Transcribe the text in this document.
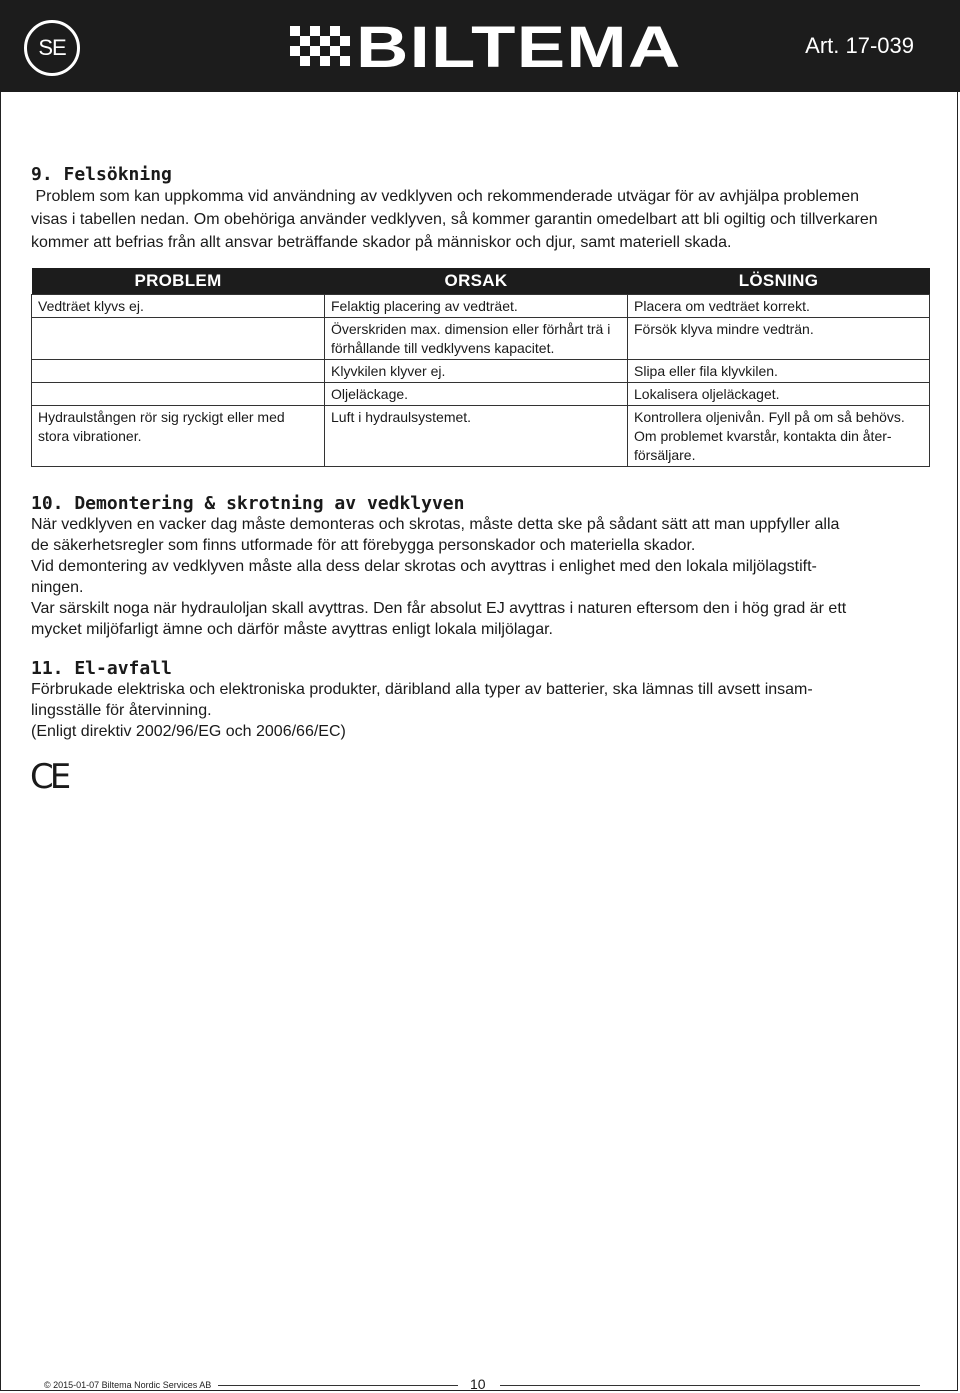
SE	BILTEMA	Art. 17-039
9. Felsökning

Problem som kan uppkomma vid användning av vedklyven och rekommenderade utvägar för av avhjälpa problemen

visas i tabellen nedan. Om obehöriga använder vedklyven, så kommer garantin omedelbart att bli ogiltig och tillverkaren

kommer att befrias från allt ansvar beträffande skador på människor och djur, samt materiell skada.

PROBLEM	ORSAK	LÖSNING
Vedträet klyvs ej.	Felaktig placering av vedträet.	Placera om vedträet korrekt.
	Överskriden max. dimension eller förhårt trä i förhållande till vedklyvens kapacitet.	Försök klyva mindre vedträn.
	Klyvkilen klyver ej.	Slipa eller fila klyvkilen.
	Oljeläckage.	Lokalisera oljeläckaget.
Hydraulstången rör sig ryckigt eller med stora vibrationer.	Luft i hydraulsystemet.	Kontrollera oljenivån. Fyll på om så behövs. Om problemet kvarstår, kontakta din åter-försäljare.
10. Demontering & skrotning av vedklyven

När vedklyven en vacker dag måste demonteras och skrotas, måste detta ske på sådant sätt att man uppfyller alla

de säkerhetsregler som finns utformade för att förebygga personskador och materiella skador.

Vid demontering av vedklyven måste alla dess delar skrotas och avyttras i enlighet med den lokala miljölagstift-

ningen.

Var särskilt noga när hydrauloljan skall avyttras. Den får absolut EJ avyttras i naturen eftersom den i hög grad är ett

mycket miljöfarligt ämne och därför måste avyttras enligt lokala miljölagar.

11. El-avfall

Förbrukade elektriska och elektroniska produkter, däribland alla typer av batterier, ska lämnas till avsett insam-

lingsställe för återvinning.

(Enligt direktiv 2002/96/EG och 2006/66/EC)

CE
© 2015-01-07 Biltema Nordic Services AB	10
